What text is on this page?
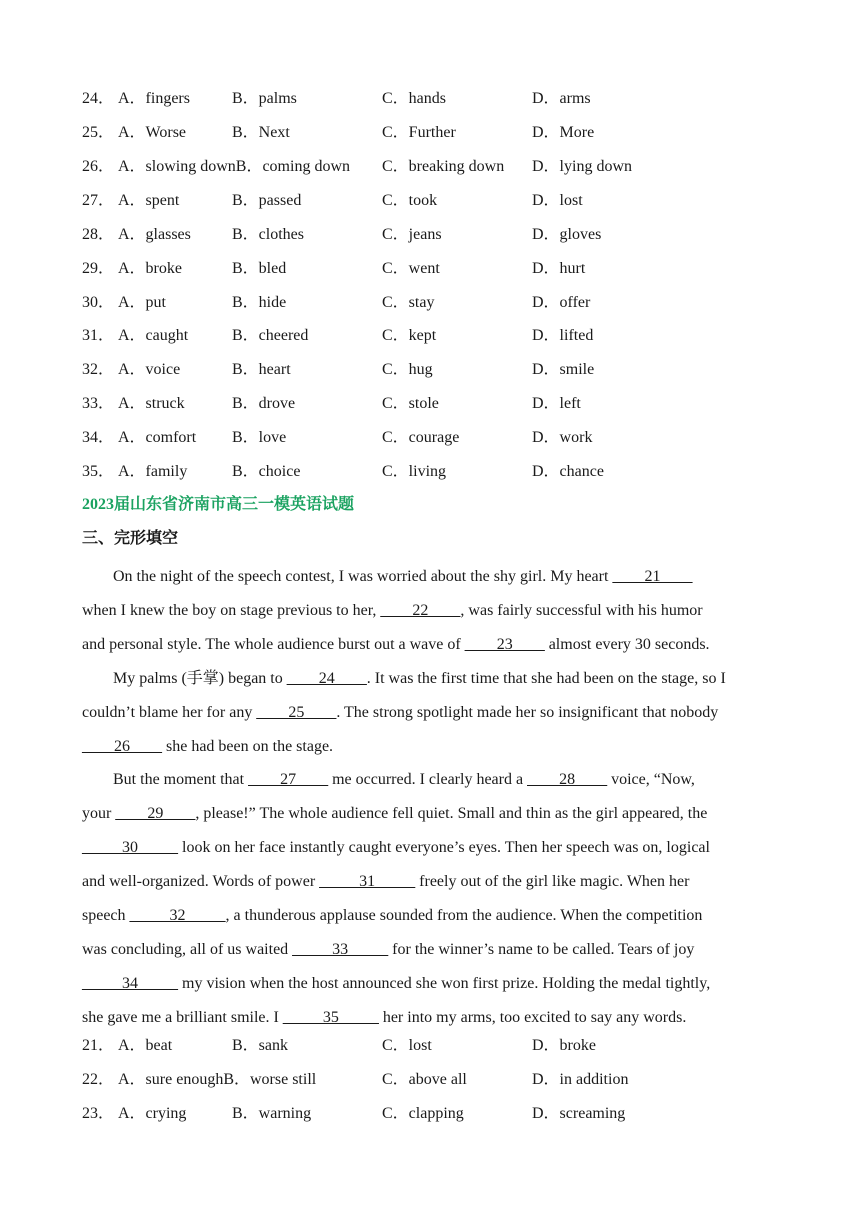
24． A．fingers	B．palms	C．hands	D．arms
25． A．Worse	B．Next	C．Further	D．More
26． A．slowing downB．coming down C．breaking down D．lying down
27． A．spent	B．passed	C．took	D．lost
28． A．glasses	B．clothes	C．jeans	D．gloves
29． A．broke	B．bled	C．went	D．hurt
30． A．put	B．hide	C．stay	D．offer
31． A．caught	B．cheered	C．kept	D．lifted
32． A．voice	B．heart	C．hug	D．smile
33． A．struck	B．drove	C．stole	D．left
34． A．comfort B．love	C．courage	D．work
35． A．family	B．choice	C．living	D．chance
2023届山东省济南市高三一模英语试题
三、完形填空

On the night of the speech contest, I was worried about the shy girl. My heart ____21____

when I knew the boy on stage previous to her, ____22____, was fairly successful with his humor

and personal style. The whole audience burst out a wave of ____23____ almost every 30 seconds.

My palms (手掌) began to ____24____. It was the first time that she had been on the stage, so I

couldn’t blame her for any ____25____. The strong spotlight made her so insignificant that nobody

____26____ she had been on the stage.

But the moment that ____27____ me occurred. I clearly heard a ____28____ voice, “Now,

your ____29____, please!” The whole audience fell quiet. Small and thin as the girl appeared, the

_____30_____ look on her face instantly caught everyone’s eyes. Then her speech was on, logical

and well-organized. Words of power _____31_____ freely out of the girl like magic. When her

speech _____32_____, a thunderous applause sounded from the audience. When the competition

was concluding, all of us waited _____33_____ for the winner’s name to be called. Tears of joy

_____34_____ my vision when the host announced she won first prize. Holding the medal tightly,

she gave me a brilliant smile. I _____35_____ her into my arms, too excited to say any words.

21． A．beat	B．sank	C．lost	D．broke
22． A．sure enoughB．worse still	C．above all	D．in addition
23． A．crying	B．warning	C．clapping	D．screaming
